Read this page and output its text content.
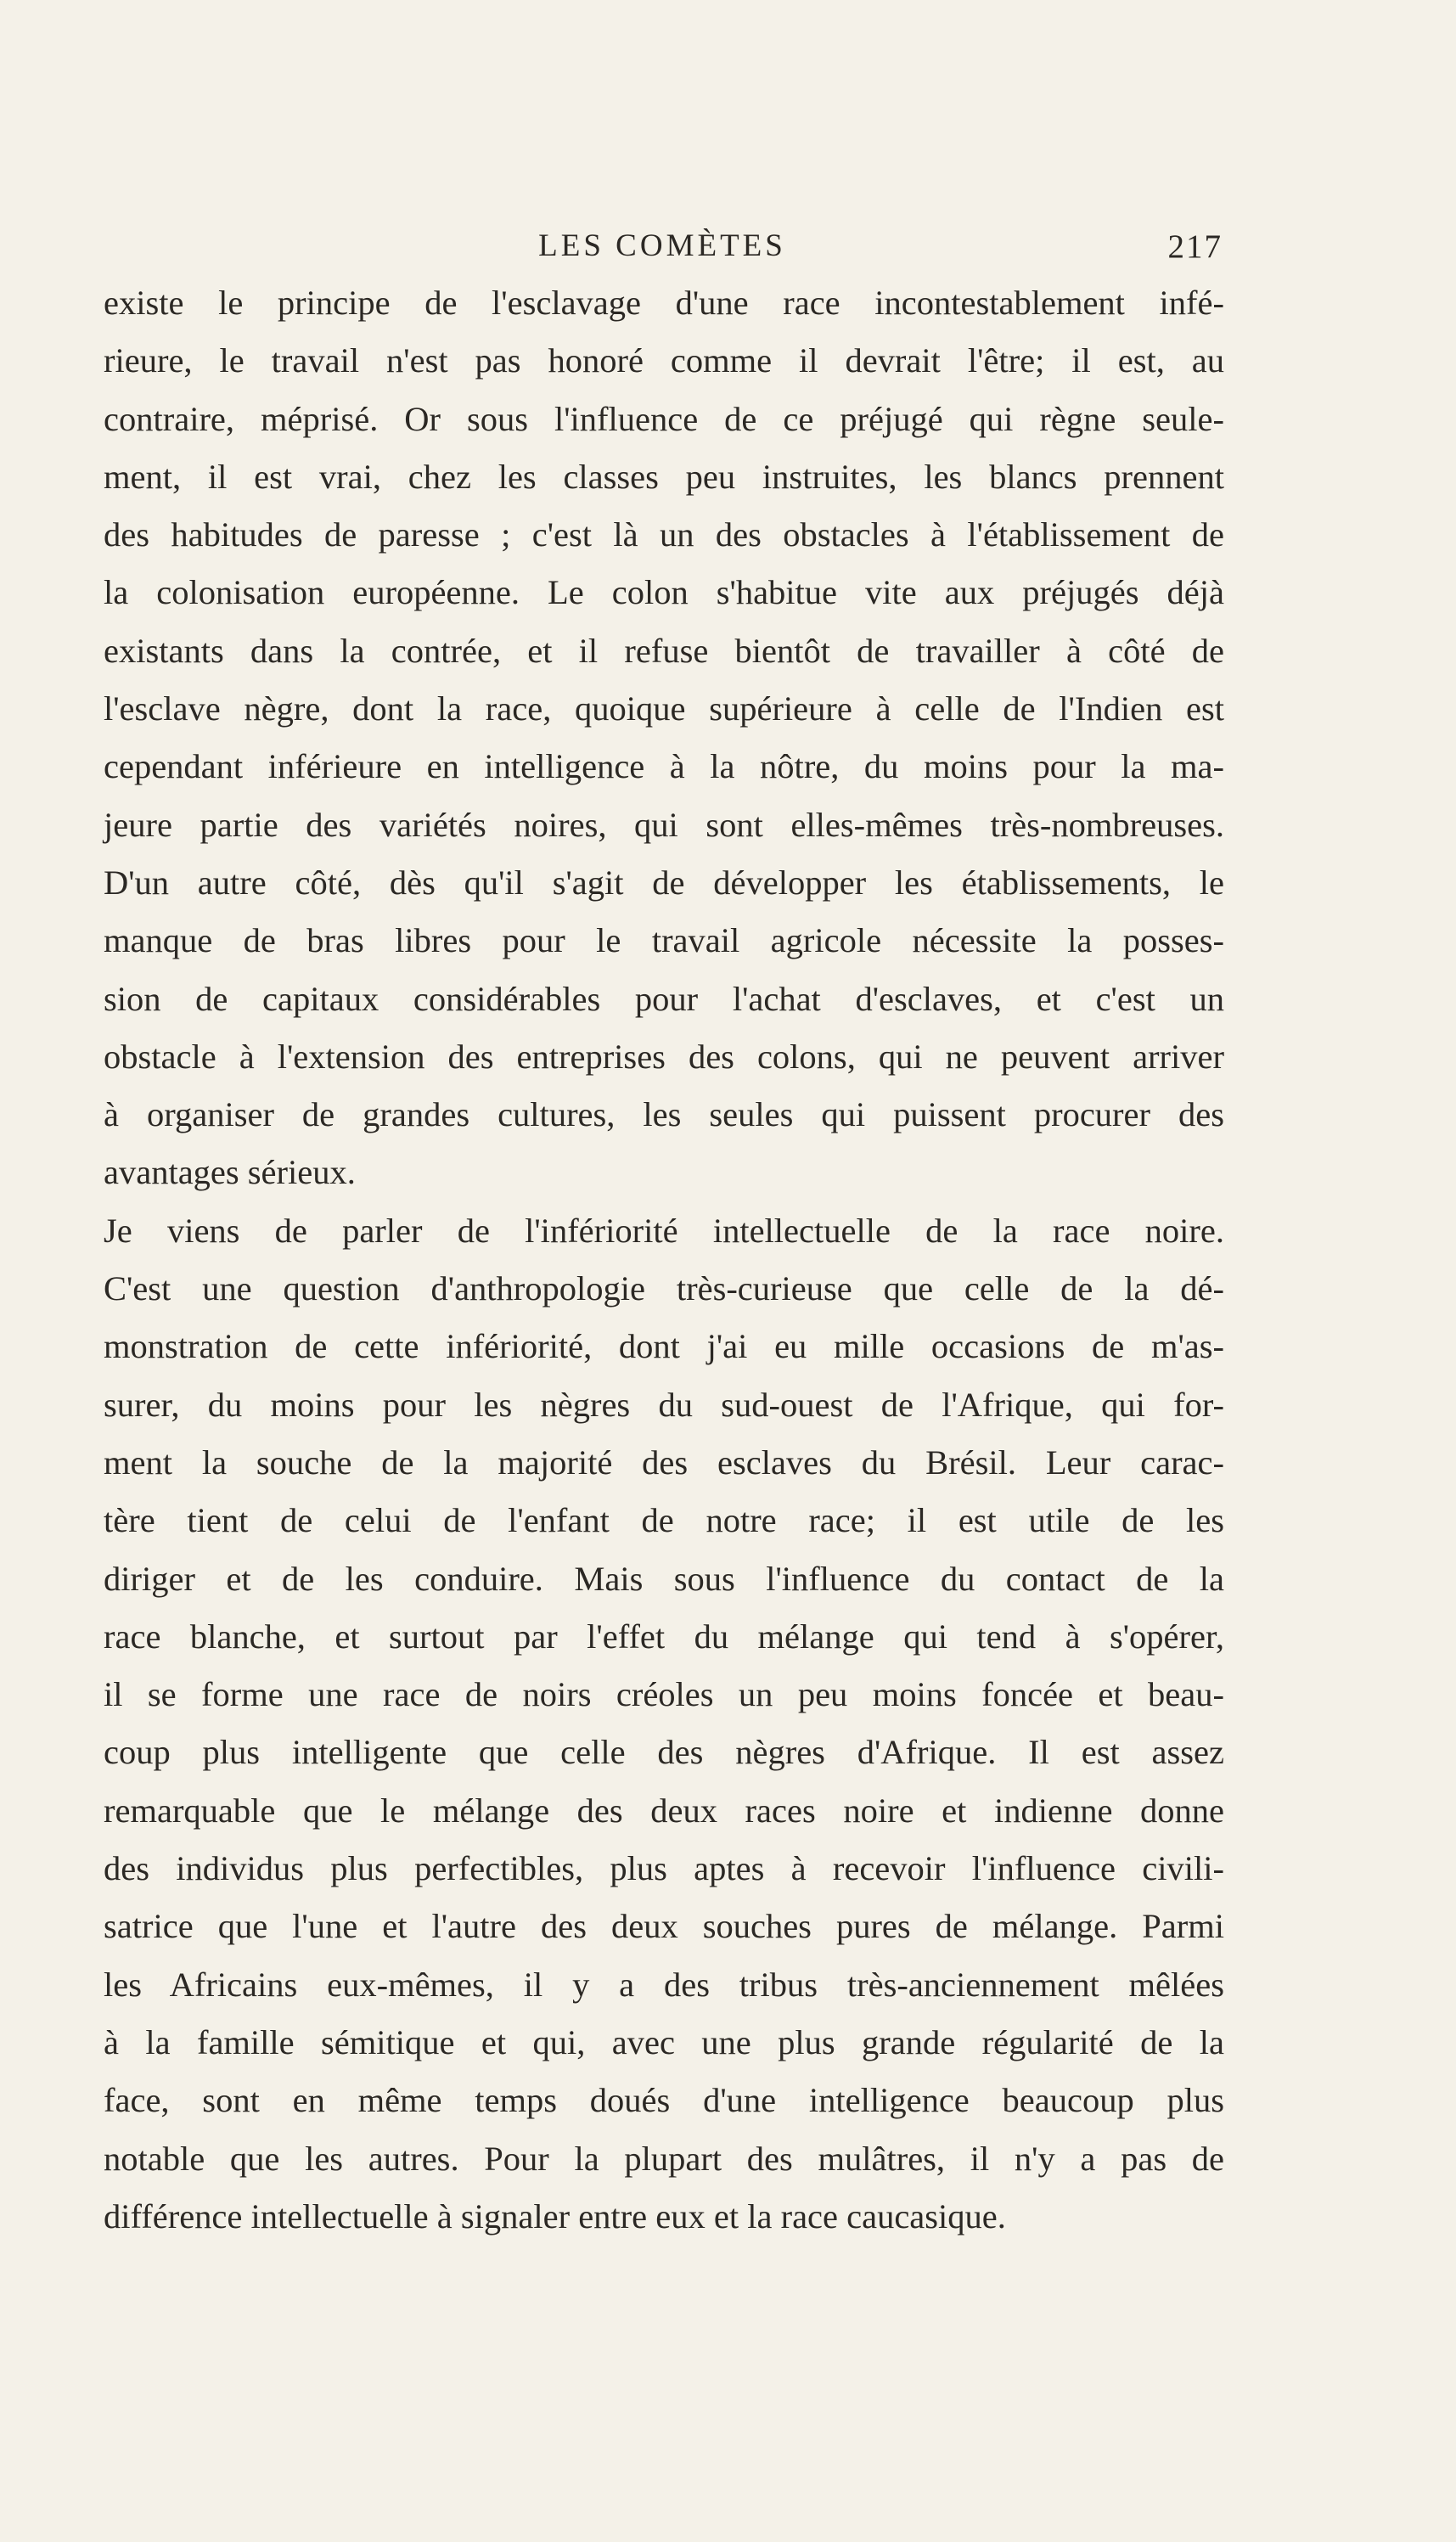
LES COMÈTES	217
existe le principe de l'esclavage d'une race incontestablement infé-
rieure, le travail n'est pas honoré comme il devrait l'être; il est, au
contraire, méprisé. Or sous l'influence de ce préjugé qui règne seule-
ment, il est vrai, chez les classes peu instruites, les blancs prennent
des habitudes de paresse ; c'est là un des obstacles à l'établissement de
la colonisation européenne. Le colon s'habitue vite aux préjugés déjà
existants dans la contrée, et il refuse bientôt de travailler à côté de
l'esclave nègre, dont la race, quoique supérieure à celle de l'Indien est
cependant inférieure en intelligence à la nôtre, du moins pour la ma-
jeure partie des variétés noires, qui sont elles-mêmes très-nombreuses.
D'un autre côté, dès qu'il s'agit de développer les établissements, le
manque de bras libres pour le travail agricole nécessite la posses-
sion de capitaux considérables pour l'achat d'esclaves, et c'est un
obstacle à l'extension des entreprises des colons, qui ne peuvent arriver
à organiser de grandes cultures, les seules qui puissent procurer des
avantages sérieux.
Je viens de parler de l'infériorité intellectuelle de la race noire.
C'est une question d'anthropologie très-curieuse que celle de la dé-
monstration de cette infériorité, dont j'ai eu mille occasions de m'as-
surer, du moins pour les nègres du sud-ouest de l'Afrique, qui for-
ment la souche de la majorité des esclaves du Brésil. Leur carac-
tère tient de celui de l'enfant de notre race; il est utile de les
diriger et de les conduire. Mais sous l'influence du contact de la
race blanche, et surtout par l'effet du mélange qui tend à s'opérer,
il se forme une race de noirs créoles un peu moins foncée et beau-
coup plus intelligente que celle des nègres d'Afrique. Il est assez
remarquable que le mélange des deux races noire et indienne donne
des individus plus perfectibles, plus aptes à recevoir l'influence civili-
satrice que l'une et l'autre des deux souches pures de mélange. Parmi
les Africains eux-mêmes, il y a des tribus très-anciennement mêlées
à la famille sémitique et qui, avec une plus grande régularité de la
face, sont en même temps doués d'une intelligence beaucoup plus
notable que les autres. Pour la plupart des mulâtres, il n'y a pas de
différence intellectuelle à signaler entre eux et la race caucasique.
